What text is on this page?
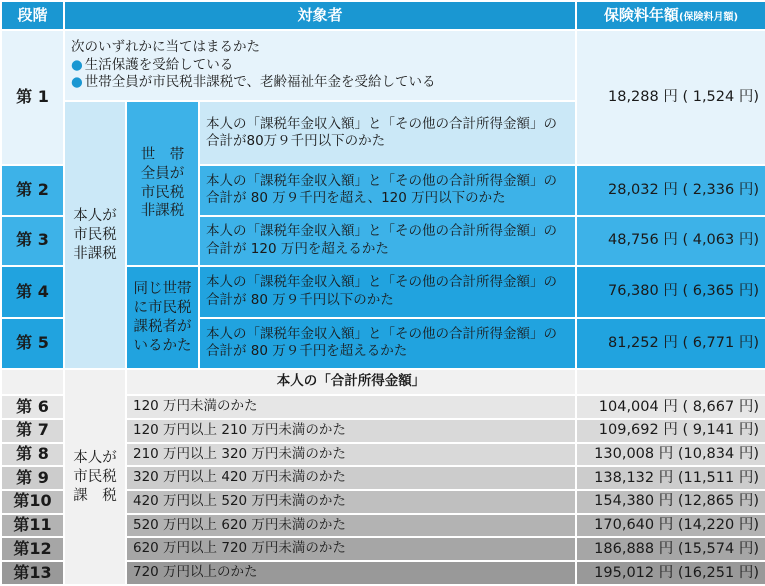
段階	対象者			保険料年額(保険料月額)
第 1	次のいずれかに当てはまるかた
● 生活保護を受給している
● 世帯全員が市民税非課税で、老齢福祉年金を受給している			18,288 円 ( 1,524 円)

	本人が
市民税
非課税	世　帯
全員が
市民税
非課税	本人の「課税年金収入額」と「その他の合計所得金額」の合計が80万９千円以下のかた	
第 2			本人の「課税年金収入額」と「その他の合計所得金額」の合計が 80 万９千円を超え、120 万円以下のかた	28,032 円 ( 2,336 円)
第 3			本人の「課税年金収入額」と「その他の合計所得金額」の合計が 120 万円を超えるかた	48,756 円 ( 4,063 円)
第 4		同じ世帯
に市民税
課税者が
いるかた	本人の「課税年金収入額」と「その他の合計所得金額」の合計が 80 万９千円以下のかた	76,380 円 ( 6,365 円)
第 5			本人の「課税年金収入額」と「その他の合計所得金額」の合計が 80 万９千円を超えるかた	81,252 円 ( 6,771 円)

	本人が
市民税
課　税	本人の「合計所得金額」		
第 6		120 万円未満のかた		104,004 円 ( 8,667 円)
第 7		120 万円以上 210 万円未満のかた		109,692 円 ( 9,141 円)
第 8		210 万円以上 320 万円未満のかた		130,008 円 (10,834 円)
第 9		320 万円以上 420 万円未満のかた		138,132 円 (11,511 円)
第10		420 万円以上 520 万円未満のかた		154,380 円 (12,865 円)
第11		520 万円以上 620 万円未満のかた		170,640 円 (14,220 円)
第12		620 万円以上 720 万円未満のかた		186,888 円 (15,574 円)
第13		720 万円以上のかた		195,012 円 (16,251 円)
